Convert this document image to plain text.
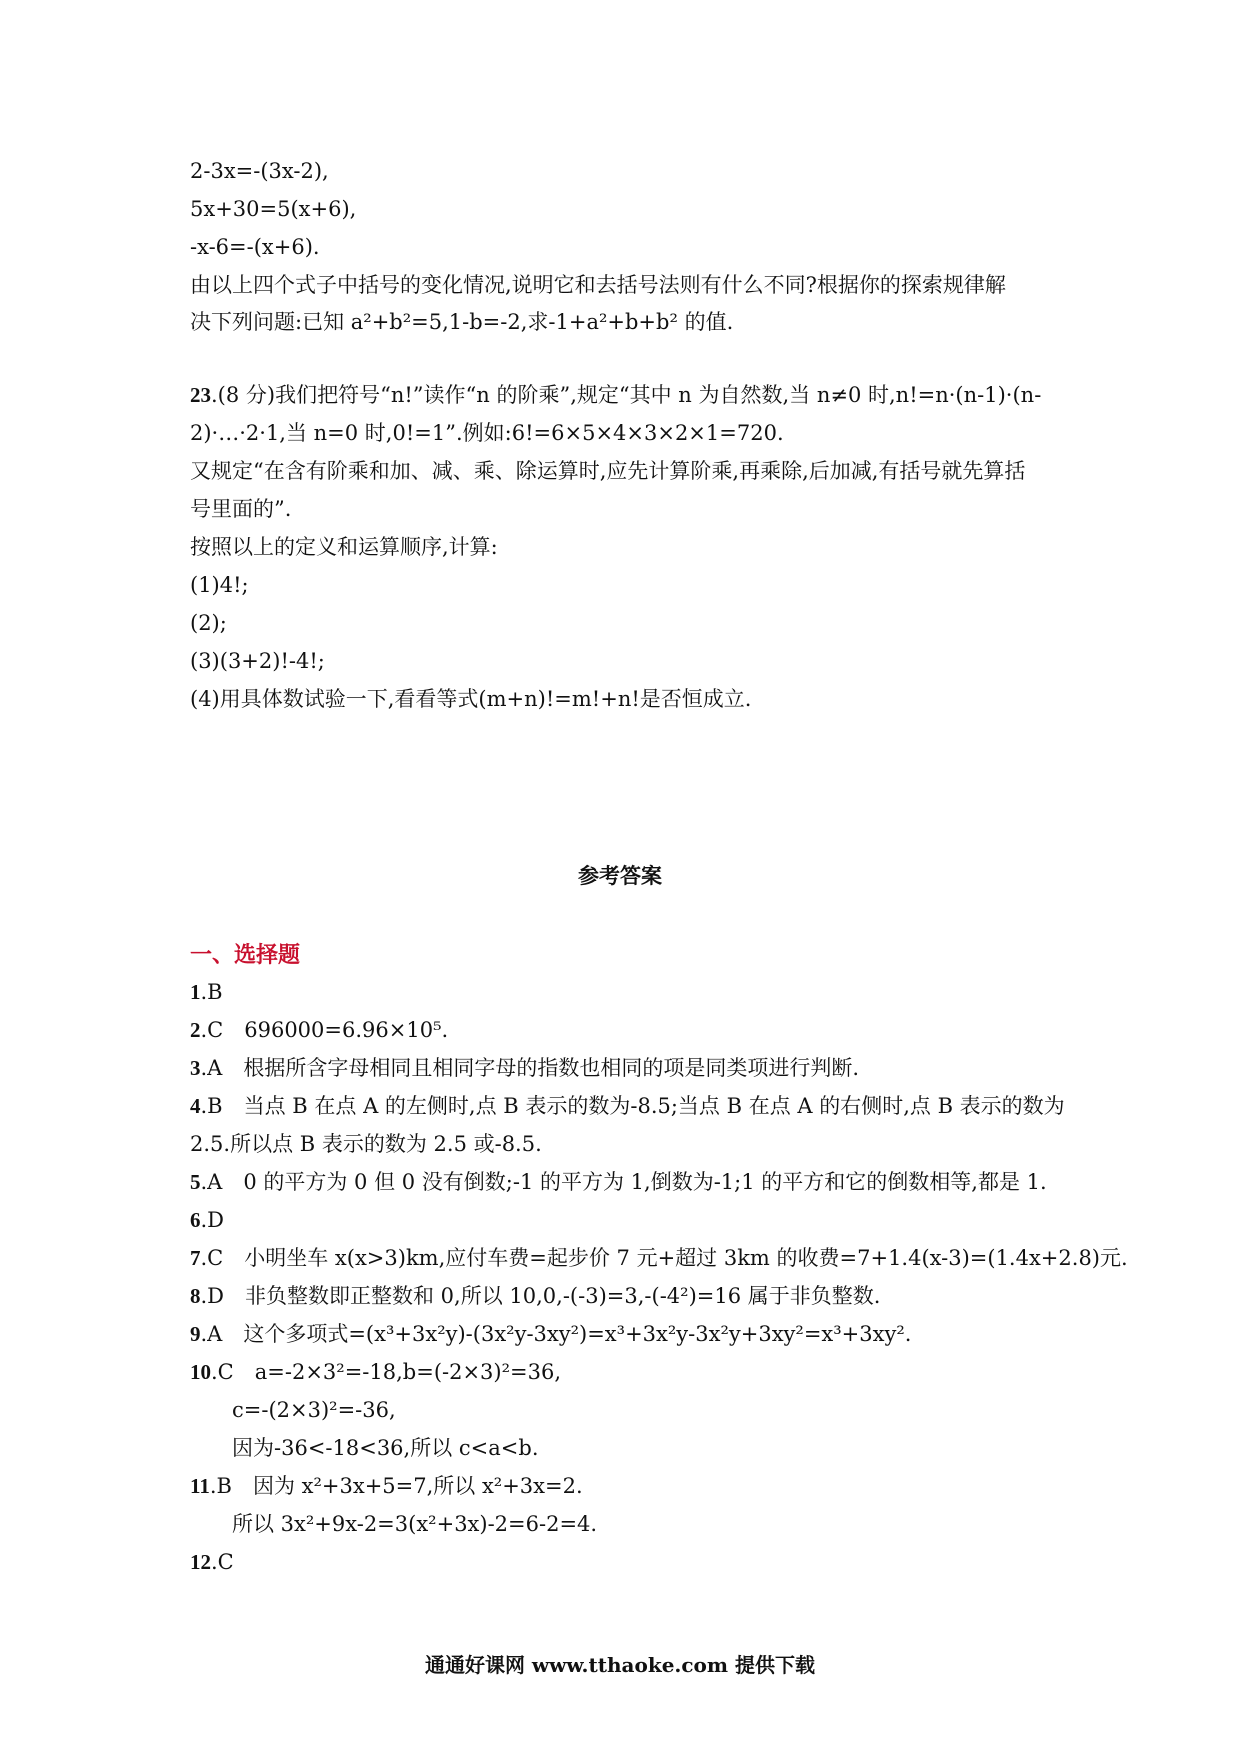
2-3x=-(3x-2),
5x+30=5(x+6),
-x-6=-(x+6).
由以上四个式子中括号的变化情况,说明它和去括号法则有什么不同?根据你的探索规律解
决下列问题:已知 a²+b²=5,1-b=-2,求-1+a²+b+b² 的值.
23.(8 分)我们把符号“n!”读作“n 的阶乘”,规定“其中 n 为自然数,当 n≠0 时,n!=n·(n-1)·(n-
2)·…·2·1,当 n=0 时,0!=1”.例如:6!=6×5×4×3×2×1=720.
又规定“在含有阶乘和加、减、乘、除运算时,应先计算阶乘,再乘除,后加减,有括号就先算括
号里面的”.
按照以上的定义和运算顺序,计算:
(1)4!;
(2);
(3)(3+2)!-4!;
(4)用具体数试验一下,看看等式(m+n)!=m!+n!是否恒成立.
参考答案
一、选择题
1.B
2.C　696000=6.96×10⁵.
3.A　根据所含字母相同且相同字母的指数也相同的项是同类项进行判断.
4.B　当点 B 在点 A 的左侧时,点 B 表示的数为-8.5;当点 B 在点 A 的右侧时,点 B 表示的数为
2.5.所以点 B 表示的数为 2.5 或-8.5.
5.A　0 的平方为 0 但 0 没有倒数;-1 的平方为 1,倒数为-1;1 的平方和它的倒数相等,都是 1.
6.D
7.C　小明坐车 x(x>3)km,应付车费=起步价 7 元+超过 3km 的收费=7+1.4(x-3)=(1.4x+2.8)元.
8.D　非负整数即正整数和 0,所以 10,0,-(-3)=3,-(-4²)=16 属于非负整数.
9.A　这个多项式=(x³+3x²y)-(3x²y-3xy²)=x³+3x²y-3x²y+3xy²=x³+3xy².
10.C　a=-2×3²=-18,b=(-2×3)²=36,
c=-(2×3)²=-36,
因为-36<-18<36,所以 c<a<b.
11.B　因为 x²+3x+5=7,所以 x²+3x=2.
所以 3x²+9x-2=3(x²+3x)-2=6-2=4.
12.C
通通好课网 www.tthaoke.com 提供下载
